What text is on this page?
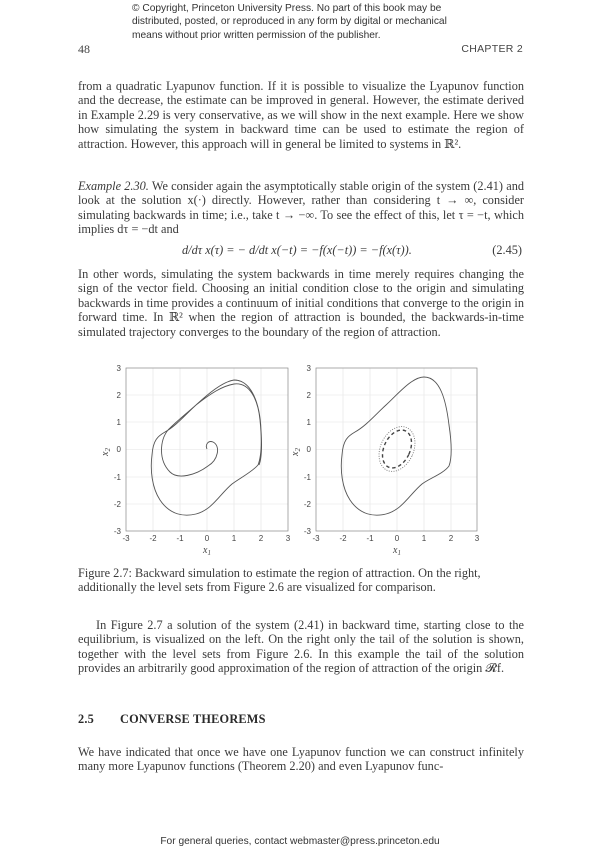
© Copyright, Princeton University Press. No part of this book may be
distributed, posted, or reproduced in any form by digital or mechanical
means without prior written permission of the publisher.
48	CHAPTER 2
from a quadratic Lyapunov function. If it is possible to visualize the Lyapunov function and the decrease, the estimate can be improved in general. However, the estimate derived in Example 2.29 is very conservative, as we will show in the next example. Here we show how simulating the system in backward time can be used to estimate the region of attraction. However, this approach will in general be limited to systems in ℝ².
Example 2.30. We consider again the asymptotically stable origin of the system (2.41) and look at the solution x(·) directly. However, rather than considering t → ∞, consider simulating backwards in time; i.e., take t → −∞. To see the effect of this, let τ = −t, which implies dτ = −dt and
d/dτ x(τ) = − d/dt x(−t) = −f(x(−t)) = −f(x(τ)).	(2.45)
In other words, simulating the system backwards in time merely requires changing the sign of the vector field. Choosing an initial condition close to the origin and simulating backwards in time provides a continuum of initial conditions that converge to the origin in forward time. In ℝ² when the region of attraction is bounded, the backwards-in-time simulated trajectory converges to the boundary of the region of attraction.
-3 -2 -1	0	1	2	3
3
2
1
0
-1
-2
-3
$x_1$
$x_2$
-3 -2 -1	0	1	2	3
3
2
1
0
-1
-2
-3
$x_1$
$x_2$
Figure 2.7: Backward simulation to estimate the region of attraction. On the right, additionally the level sets from Figure 2.6 are visualized for comparison.
In Figure 2.7 a solution of the system (2.41) in backward time, starting close to the equilibrium, is visualized on the left. On the right only the tail of the solution is shown, together with the level sets from Figure 2.6. In this example the tail of the solution provides an arbitrarily good approximation of the region of attraction of the origin 𝓡f.
2.5 CONVERSE THEOREMS
We have indicated that once we have one Lyapunov function we can construct infinitely many more Lyapunov functions (Theorem 2.20) and even Lyapunov func-
For general queries, contact webmaster@press.princeton.edu
